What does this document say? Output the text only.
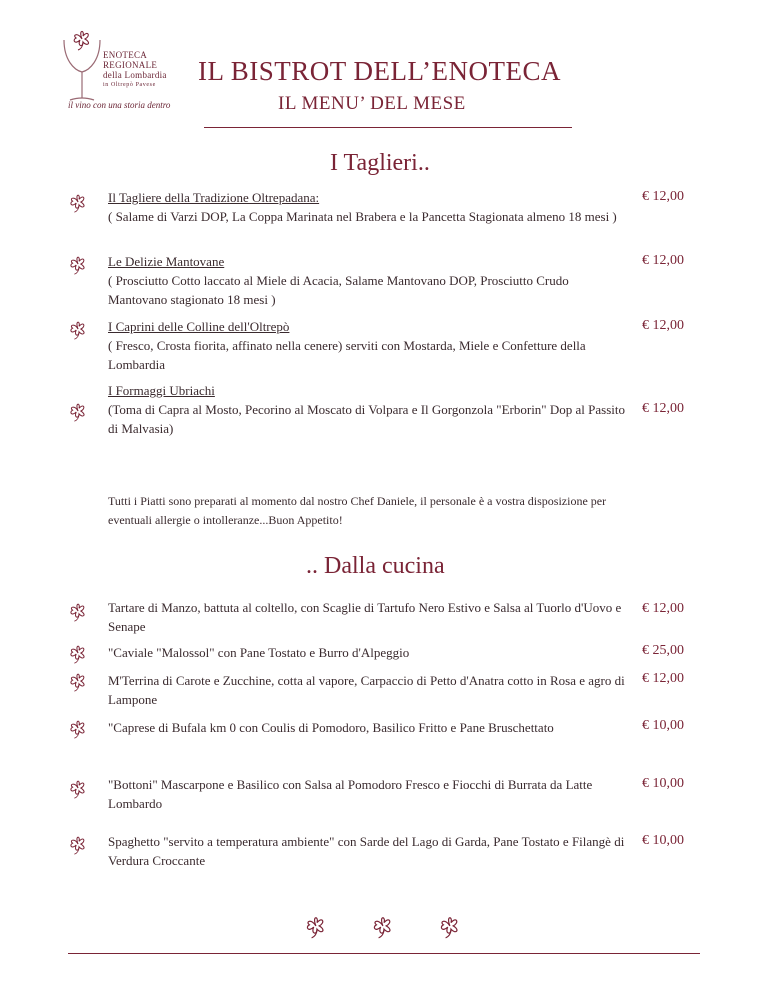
ENOTECA
REGIONALE
della Lombardia
in Oltrepò Pavese
il vino con una storia dentro
IL BISTROT DELL’ENOTECA
IL MENU’ DEL MESE
I Taglieri..
Il Tagliere della Tradizione Oltrepadana:
( Salame di Varzi DOP, La Coppa Marinata nel Brabera e la Pancetta Stagionata almeno 18 mesi )
€ 12,00
Le Delizie Mantovane
( Prosciutto Cotto laccato al Miele di Acacia, Salame Mantovano DOP, Prosciutto Crudo Mantovano stagionato 18 mesi )
€ 12,00
I Caprini delle Colline dell'Oltrepò
( Fresco, Crosta fiorita, affinato nella cenere) serviti con Mostarda, Miele e Confetture della Lombardia
€ 12,00
I Formaggi Ubriachi
(Toma di Capra al Mosto, Pecorino al Moscato di Volpara e Il Gorgonzola "Erborin" Dop al Passito di Malvasia)
€ 12,00
Tutti i Piatti sono preparati al momento dal nostro Chef Daniele, il personale è a vostra disposizione per eventuali allergie o intolleranze...Buon Appetito!
.. Dalla cucina
Tartare di Manzo, battuta al coltello, con Scaglie di Tartufo Nero Estivo e Salsa al Tuorlo d'Uovo e Senape
€ 12,00
"Caviale "Malossol" con Pane Tostato e Burro d'Alpeggio	€ 25,00
M'Terrina di Carote e Zucchine, cotta al vapore, Carpaccio di Petto d'Anatra cotto in Rosa e agro di Lampone
€ 12,00
"Caprese di Bufala km 0 con Coulis di Pomodoro, Basilico Fritto e Pane Bruschettato	€ 10,00
"Bottoni" Mascarpone e Basilico con Salsa al Pomodoro Fresco e Fiocchi di Burrata da Latte Lombardo
€ 10,00
Spaghetto "servito a temperatura ambiente" con Sarde del Lago di Garda, Pane Tostato e Filangè di Verdura Croccante
€ 10,00
